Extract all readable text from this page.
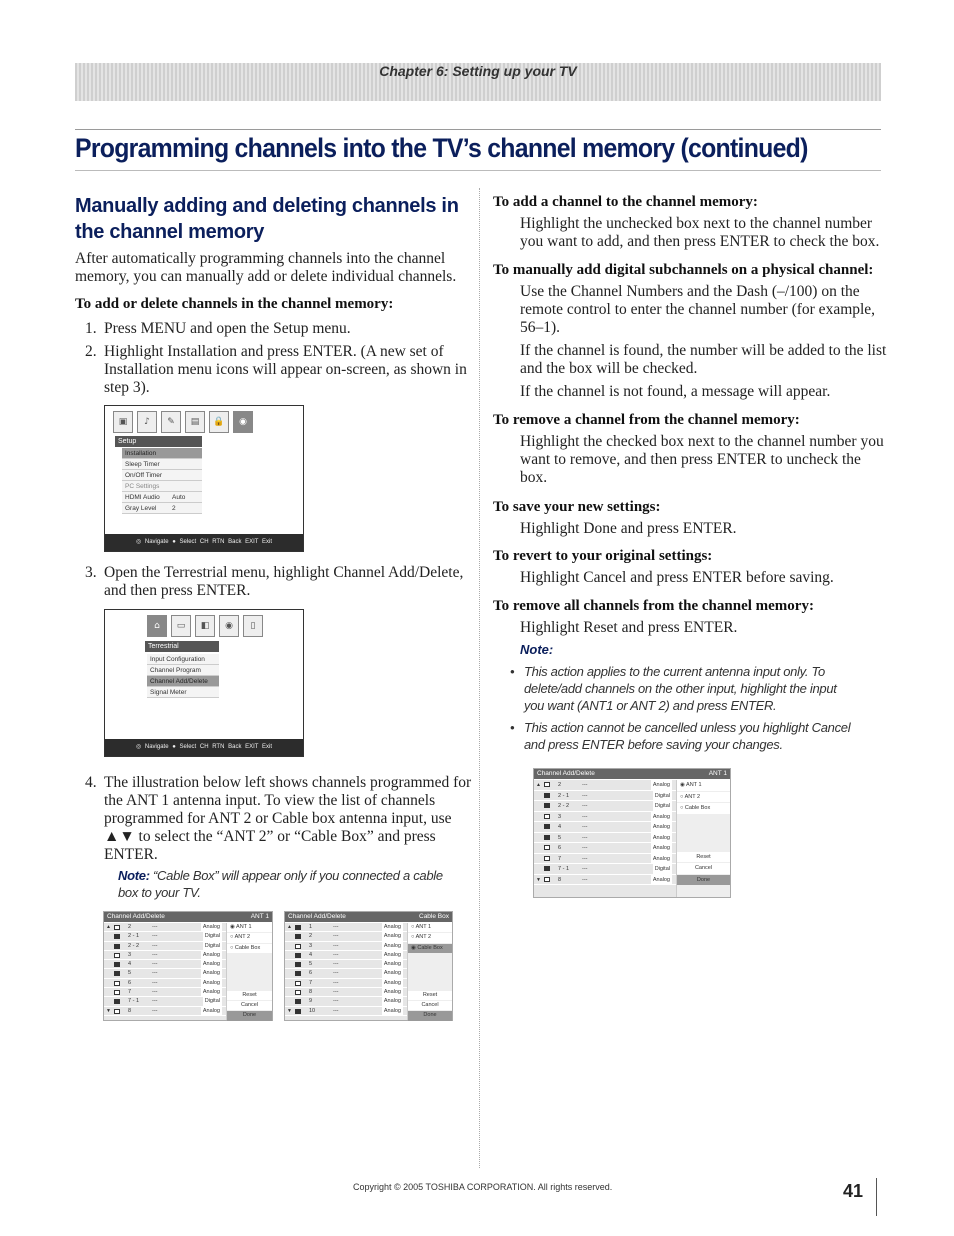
Chapter 6: Setting up your TV
Programming channels into the TV’s channel memory (continued)
Manually adding and deleting channels in the channel memory
After automatically programming channels into the channel memory, you can manually add or delete individual channels.
To add or delete channels in the channel memory:
1. Press MENU and open the Setup menu.
2. Highlight Installation and press ENTER. (A new set of
Installation menu icons will appear on-screen, as shown in
step 3).
▣	♪	✎	▤	🔒	◉
Setup
Installation
Sleep Timer
On/Off Timer
PC Settings
HDMI Audio Auto
Gray Level 2
◎ Navigate ● Select CH RTN Back EXIT Exit
3. Open the Terrestrial menu, highlight Channel Add/Delete,
and then press ENTER.
⌂	▭	◧	◉	▯
Terrestrial
Input Configuration
Channel Program
Channel Add/Delete
Signal Meter
◎ Navigate ● Select CH RTN Back EXIT Exit
4. The illustration below left shows channels programmed for
the ANT 1 antenna input. To view the list of channels
programmed for ANT 2 or Cable box antenna input, use
▲▼ to select the “ANT 2” or “Cable Box” and press
ENTER.
Note: “Cable Box” will appear only if you connected a cable
box to your TV.
Channel Add/Delete	ANT 1
▲	2	---	Analog
2 - 1 ---	Digital
2 - 2 ---	Digital
3	---	Analog
4	---	Analog
5	---	Analog
6	---	Analog
7	---	Analog
7 - 1 ---	Digital
▼	8	---	Analog
◉ ANT 1
○ ANT 2
○ Cable Box
Reset
Cancel
Done
Channel Add/Delete	Cable Box
▲	1	---	Analog
2	---	Analog
3	---	Analog
4	---	Analog
5	---	Analog
6	---	Analog
7	---	Analog
8	---	Analog
9	---	Analog
▼	10	---	Analog
○ ANT 1
○ ANT 2
◉ Cable Box
Reset
Cancel
Done
To add a channel to the channel memory:
Highlight the unchecked box next to the channel number
you want to add, and then press ENTER to check the box.
To manually add digital subchannels on a physical channel:
Use the Channel Numbers and the Dash (–/100) on the
remote control to enter the channel number (for example,
56–1).
If the channel is found, the number will be added to the list
and the box will be checked.
If the channel is not found, a message will appear.
To remove a channel from the channel memory:
Highlight the checked box next to the channel number you
want to remove, and then press ENTER to uncheck the
box.
To save your new settings:
Highlight Done and press ENTER.
To revert to your original settings:
Highlight Cancel and press ENTER before saving.
To remove all channels from the channel memory:
Highlight Reset and press ENTER.
Note:
• This action applies to the current antenna input only. To
delete/add channels on the other input, highlight the input
you want (ANT1 or ANT 2) and press ENTER.
• This action cannot be cancelled unless you highlight Cancel
and press ENTER before saving your changes.
Channel Add/Delete	ANT 1
▲	2	---	Analog
2 - 1 ---	Digital
2 - 2 ---	Digital
3	---	Analog
4	---	Analog
5	---	Analog
6	---	Analog
7	---	Analog
7 - 1 ---	Digital
▼	8	---	Analog
◉ ANT 1
○ ANT 2
○ Cable Box
Reset
Cancel
Done
Copyright © 2005 TOSHIBA CORPORATION. All rights reserved.	41
